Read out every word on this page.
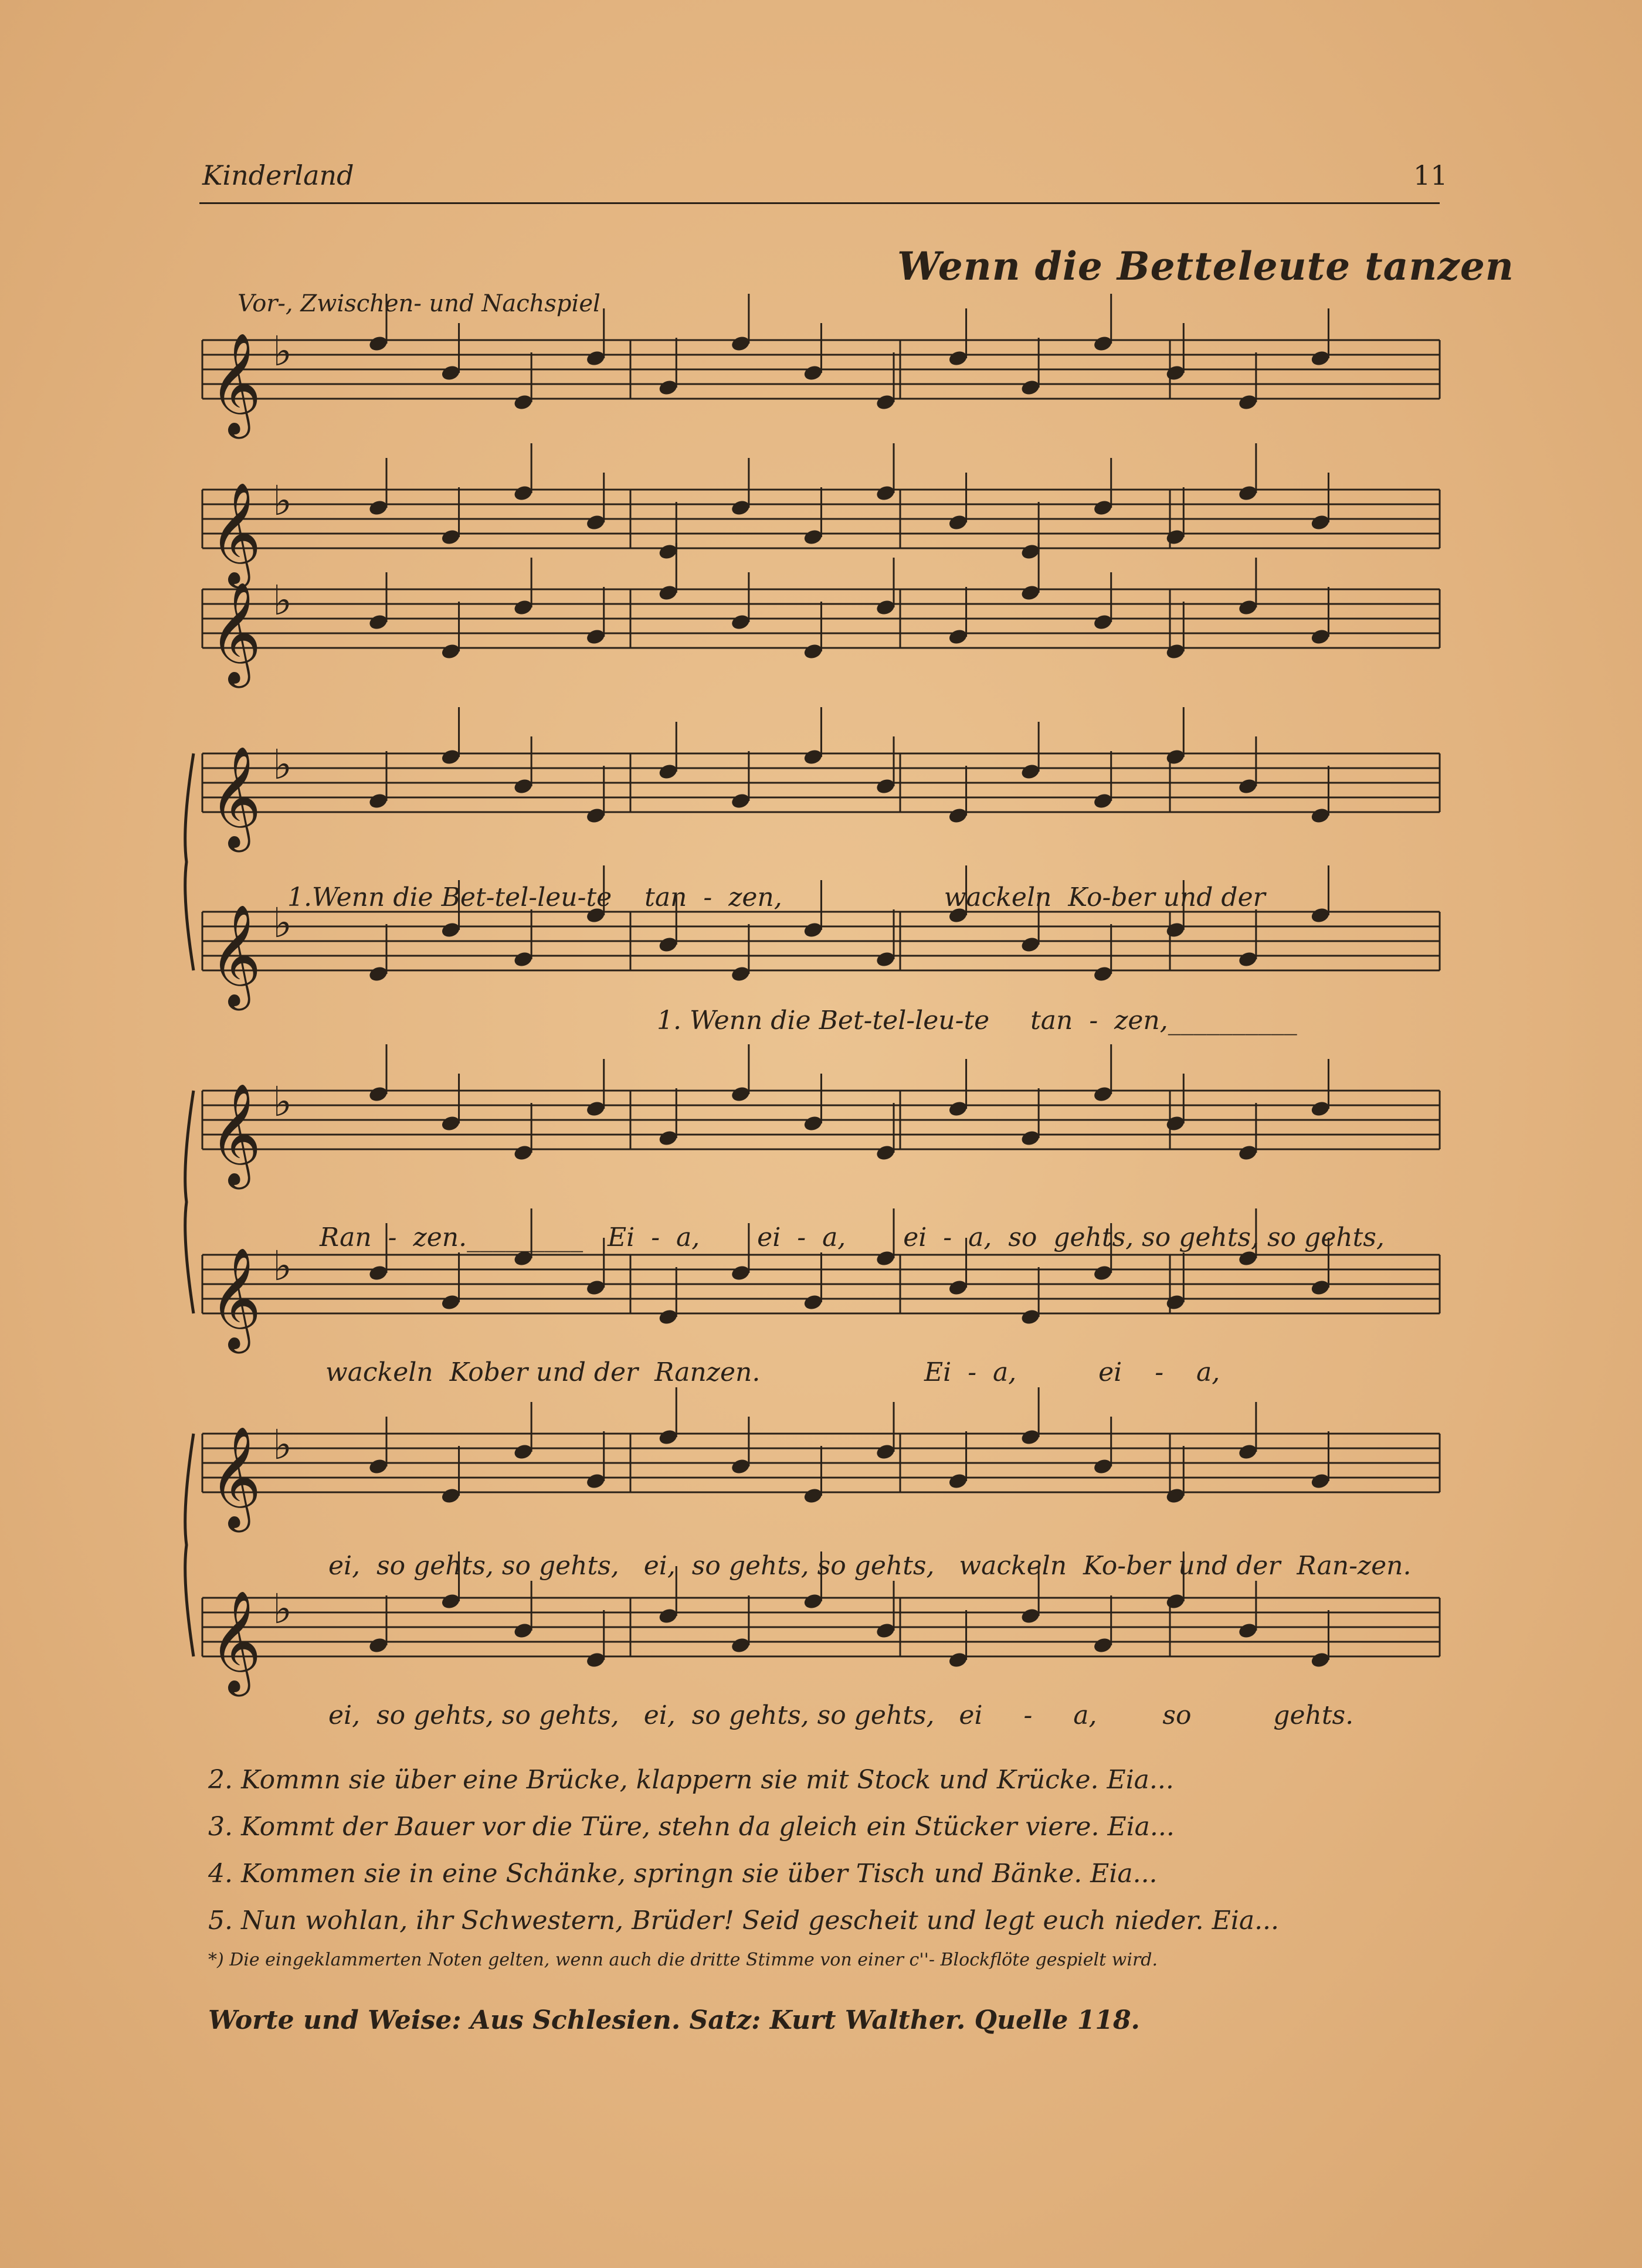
Kinderland	11
Wenn die Betteleute tanzen
Vor-, Zwischen- und Nachspiel
𝄞 ♭
𝄞 ♭
𝄞 ♭
𝄞 ♭
𝄞 ♭
𝄞 ♭
𝄞 ♭
𝄞 ♭
𝄞 ♭
1.Wenn die Bet-tel-leu-te    tan  -  zen,__________    wackeln  Ko-ber und der
1. Wenn die Bet-tel-leu-te     tan  -  zen,__________
Ran  -  zen._________   Ei  -  a,       ei  -  a,       ei  -  a,  so  gehts, so gehts, so gehts,
wackeln  Kober und der  Ranzen.                    Ei  -  a,          ei    -    a,
ei,  so gehts, so gehts,   ei,  so gehts, so gehts,   wackeln  Ko-ber und der  Ran-zen.
ei,  so gehts, so gehts,   ei,  so gehts, so gehts,   ei     -     a,        so          gehts.
2. Kommn sie über eine Brücke, klappern sie mit Stock und Krücke. Eia...
3. Kommt der Bauer vor die Türe, stehn da gleich ein Stücker viere. Eia...
4. Kommen sie in eine Schänke, springn sie über Tisch und Bänke. Eia...
5. Nun wohlan, ihr Schwestern, Brüder! Seid gescheit und legt euch nieder. Eia...
*) Die eingeklammerten Noten gelten, wenn auch die dritte Stimme von einer c''- Blockflöte gespielt wird.
Worte und Weise: Aus Schlesien. Satz: Kurt Walther. Quelle 118.
